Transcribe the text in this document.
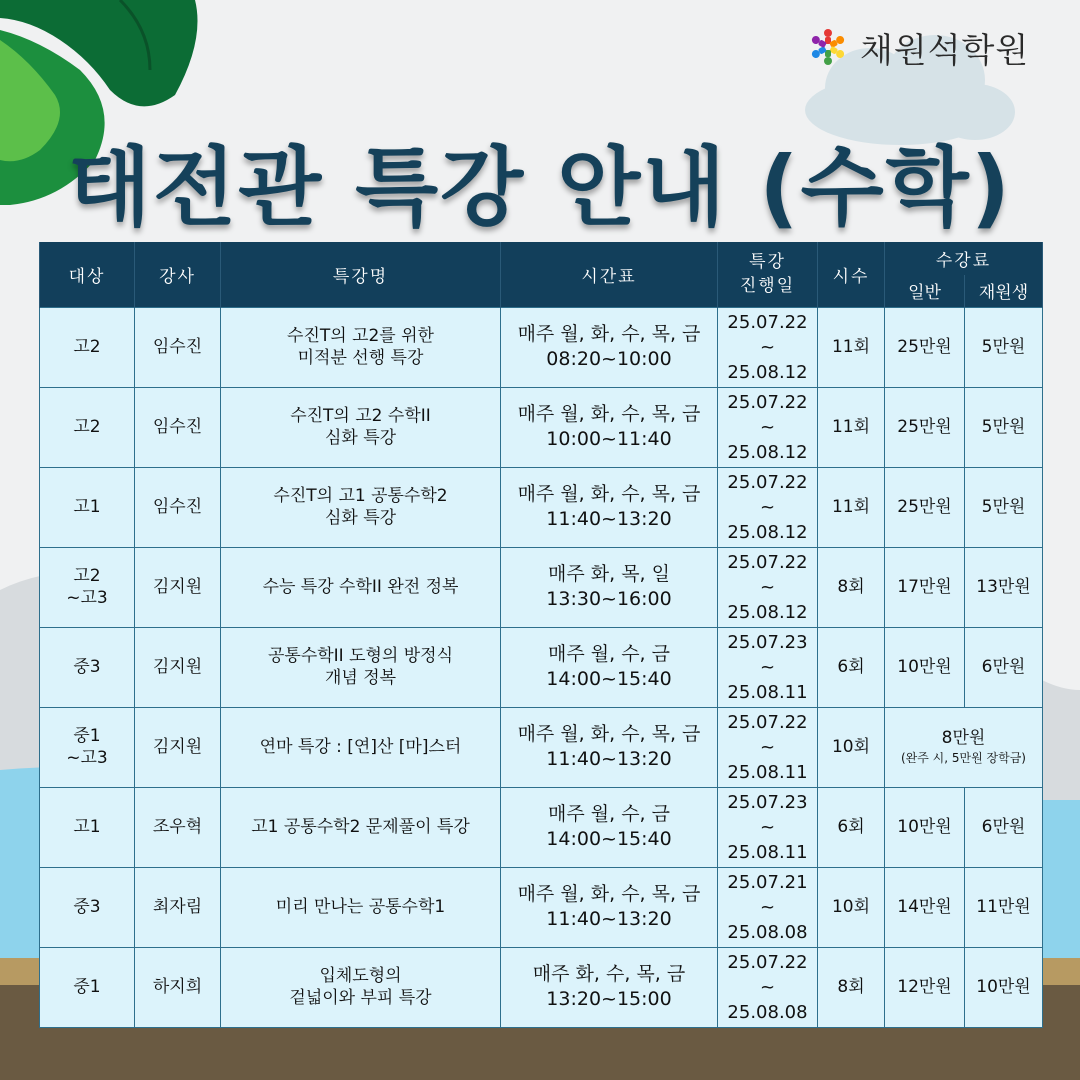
채원석학원
태전관 특강 안내 (수학)
대상	강사	특강명	시간표	특강
진행일	시수	수강료	
						일반	재원생
고2	임수진	수진T의 고2를 위한
미적분 선행 특강	매주 월, 화, 수, 목, 금
08:20~10:00	25.07.22
~
25.08.12	11회	25만원	5만원
고2	임수진	수진T의 고2 수학II
심화 특강	매주 월, 화, 수, 목, 금
10:00~11:40	25.07.22
~
25.08.12	11회	25만원	5만원
고1	임수진	수진T의 고1 공통수학2
심화 특강	매주 월, 화, 수, 목, 금
11:40~13:20	25.07.22
~
25.08.12	11회	25만원	5만원
고2
~고3	김지원	수능 특강 수학II 완전 정복	매주 화, 목, 일
13:30~16:00	25.07.22
~
25.08.12	8회	17만원	13만원
중3	김지원	공통수학II 도형의 방정식
개념 정복	매주 월, 수, 금
14:00~15:40	25.07.23
~
25.08.11	6회	10만원	6만원
중1
~고3	김지원	연마 특강 : [연]산 [마]스터	매주 월, 화, 수, 목, 금
11:40~13:20	25.07.22
~
25.08.11	10회	8만원
(완주 시, 5만원 장학금)	

고1	조우혁	고1 공통수학2 문제풀이 특강	매주 월, 수, 금
14:00~15:40	25.07.23
~
25.08.11	6회	10만원	6만원
중3	최자림	미리 만나는 공통수학1	매주 월, 화, 수, 목, 금
11:40~13:20	25.07.21
~
25.08.08	10회	14만원	11만원
중1	하지희	입체도형의
겉넓이와 부피 특강	매주 화, 수, 목, 금
13:20~15:00	25.07.22
~
25.08.08	8회	12만원	10만원
